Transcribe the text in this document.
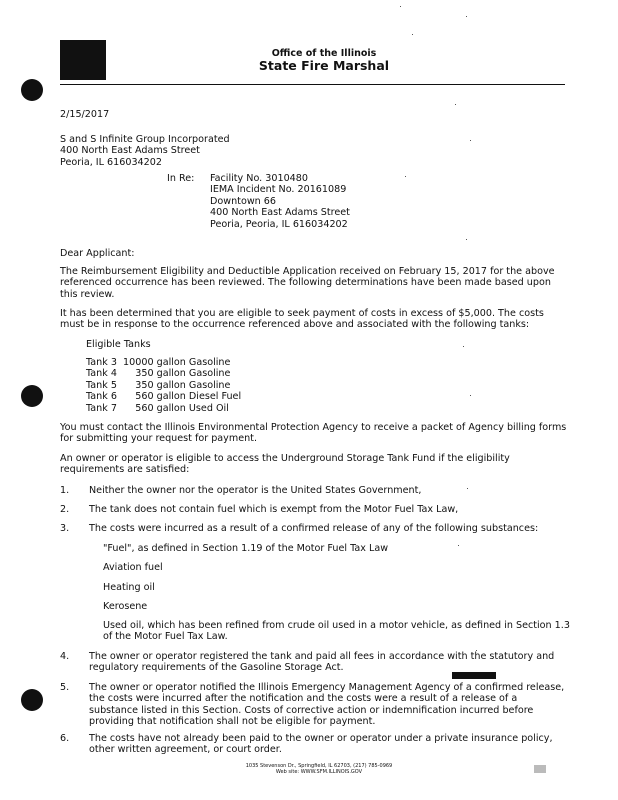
Office of the Illinois
State Fire Marshal
2/15/2017
S and S Infinite Group Incorporated
400 North East Adams Street
Peoria, IL 616034202
In Re: Facility No. 3010480
IEMA Incident No. 20161089
Downtown 66
400 North East Adams Street
Peoria, Peoria, IL 616034202
Dear Applicant:
The Reimbursement Eligibility and Deductible Application received on February 15, 2017 for the above referenced occurrence has been reviewed. The following determinations have been made based upon this review.
It has been determined that you are eligible to seek payment of costs in excess of $5,000. The costs must be in response to the occurrence referenced above and associated with the following tanks:
Eligible Tanks
Tank 3  10000 gallon Gasoline
Tank 4      350 gallon Gasoline
Tank 5      350 gallon Gasoline
Tank 6      560 gallon Diesel Fuel
Tank 7      560 gallon Used Oil
You must contact the Illinois Environmental Protection Agency to receive a packet of Agency billing forms for submitting your request for payment.
An owner or operator is eligible to access the Underground Storage Tank Fund if the eligibility requirements are satisfied:
1. Neither the owner nor the operator is the United States Government,
2. The tank does not contain fuel which is exempt from the Motor Fuel Tax Law,
3. The costs were incurred as a result of a confirmed release of any of the following substances:
"Fuel", as defined in Section 1.19 of the Motor Fuel Tax Law
Aviation fuel
Heating oil
Kerosene
Used oil, which has been refined from crude oil used in a motor vehicle, as defined in Section 1.3 of the Motor Fuel Tax Law.
4. The owner or operator registered the tank and paid all fees in accordance with the statutory and regulatory requirements of the Gasoline Storage Act.
5. The owner or operator notified the Illinois Emergency Management Agency of a confirmed release, the costs were incurred after the notification and the costs were a result of a release of a substance listed in this Section. Costs of corrective action or indemnification incurred before providing that notification shall not be eligible for payment.
6. The costs have not already been paid to the owner or operator under a private insurance policy, other written agreement, or court order.
1035 Stevenson Dr., Springfield, IL 62703, (217) 785-0969
Web site: WWW.SFM.ILLINOIS.GOV
